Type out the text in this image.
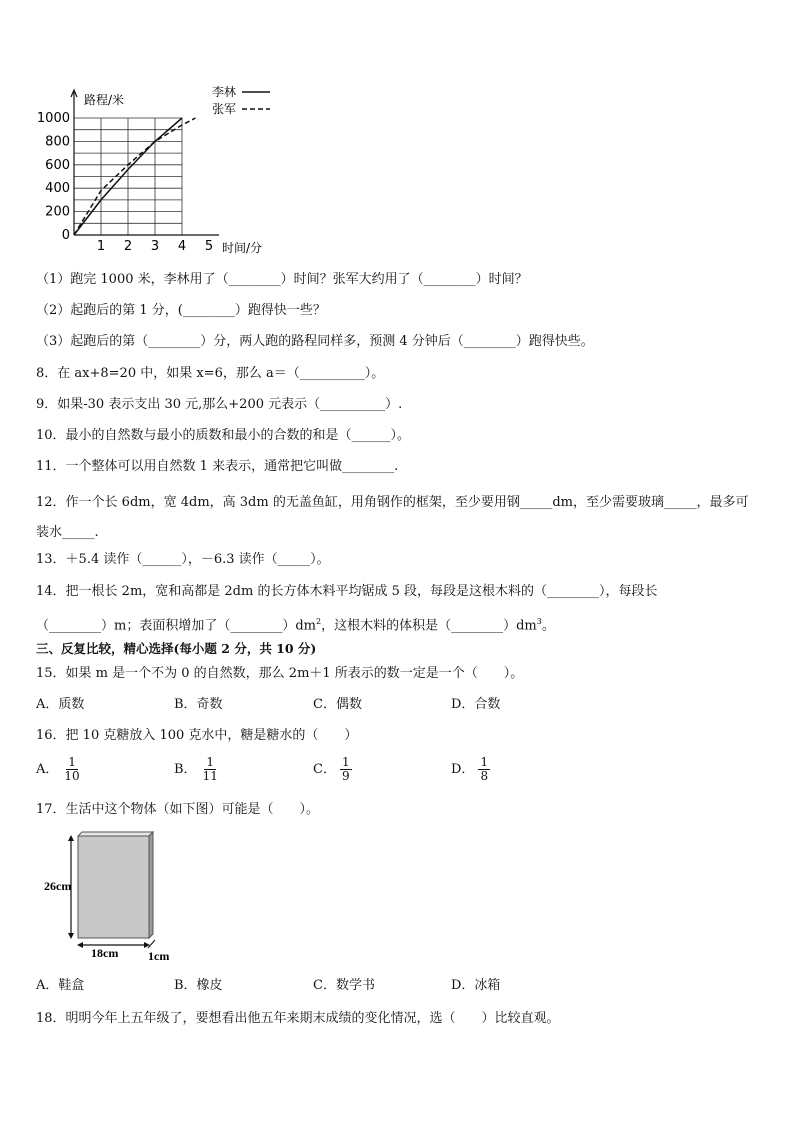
0
200
400
600
800
1000
1 2 3 4 5
李林
张军
路程/米
时间/分
（1）跑完 1000 米，李林用了（________）时间？张军大约用了（________）时间？
（2）起跑后的第 1 分，(________）跑得快一些？
（3）起跑后的第（________）分，两人跑的路程同样多，预测 4 分钟后（________）跑得快些。
8．在 ax+8=20 中，如果 x=6，那么 a＝（__________）。
9．如果-30 表示支出 30 元,那么+200 元表示（__________）.
10．最小的自然数与最小的质数和最小的合数的和是（______）。
11．一个整体可以用自然数 1 来表示，通常把它叫做________.
12．作一个长 6dm，宽 4dm，高 3dm 的无盖鱼缸，用角钢作的框架，至少要用钢_____dm，至少需要玻璃_____，最多可装水_____.
13．＋5.4 读作（______），－6.3 读作（_____）。
14．把一根长 2m，宽和高都是 2dm 的长方体木料平均锯成 5 段，每段是这根木料的（________），每段长
（________）m；表面积增加了$(\_\_\_\_\_\_\_\_)dm^2$，这根木料的体积是$(\_\_\_\_\_\_\_\_)dm^3$。
三、反复比较，精心选择(每小题 2 分，共 10 分)
15．如果 m 是一个不为 0 的自然数，那么 2m＋1 所表示的数一定是一个（　　）。
A．质数	B．奇数	C．偶数	D．合数
16．把 10 克糖放入 100 克水中，糖是糖水的（　　）
A． $\frac{1}{10}$	B． $\frac{1}{11}$	C． $\frac{1}{9}$	D． $\frac{1}{8}$
17．生活中这个物体（如下图）可能是（　　）。
26cm
18cm 1cm
A．鞋盒	B．橡皮	C．数学书	D．冰箱
18．明明今年上五年级了，要想看出他五年来期末成绩的变化情况，选（　　）比较直观。
